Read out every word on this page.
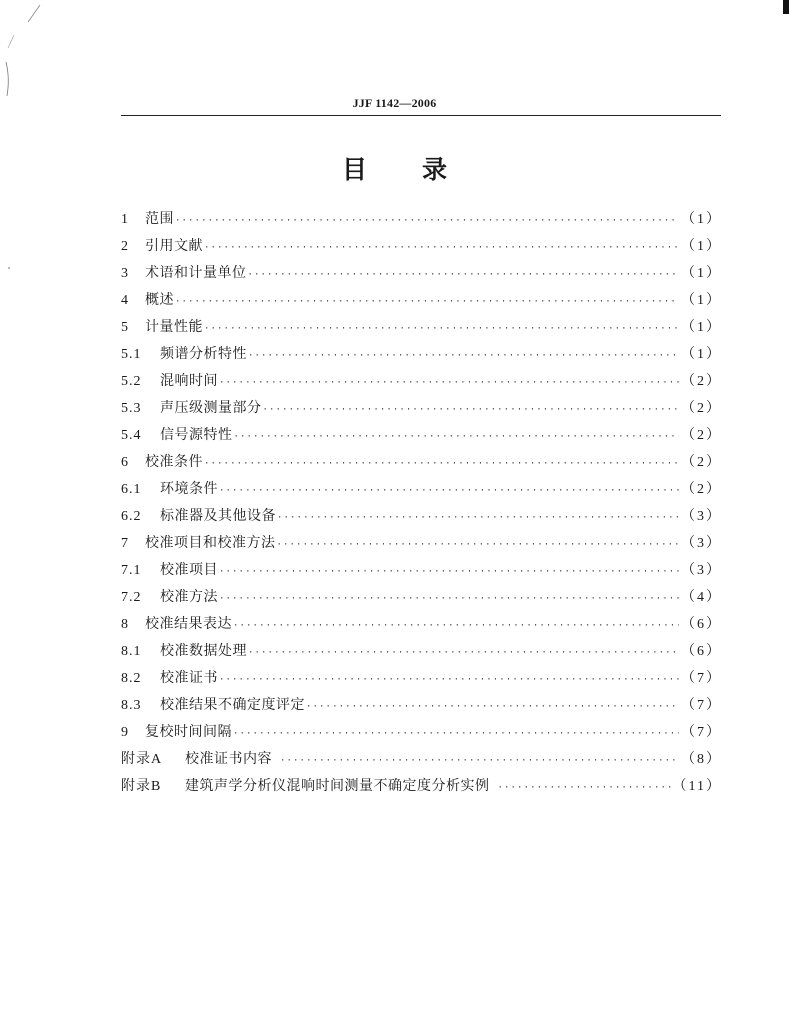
JJF 1142—2006
目 录
1	范围 ·····	（1）
2	引用文献 ·····	（1）
3	术语和计量单位 ·····	（1）
4	概述 ·····	（1）
5	计量性能 ·····	（1）
5.1	频谱分析特性 ·····	（1）
5.2	混响时间 ·····	（2）
5.3	声压级测量部分 ·····	（2）
5.4	信号源特性 ·····	（2）
6	校准条件 ·····	（2）
6.1	环境条件 ·····	（2）
6.2	标准器及其他设备 ·····	（3）
7	校准项目和校准方法 ·····	（3）
7.1	校准项目 ·····	（3）
7.2	校准方法 ·····	（4）
8	校准结果表达 ·····	（6）
8.1	校准数据处理 ·····	（6）
8.2	校准证书 ·····	（7）
8.3	校准结果不确定度评定 ·····	（7）
9	复校时间间隔 ·····	（7）
附录A	校准证书内容 ·····	（8）
附录B	建筑声学分析仪混响时间测量不确定度分析实例 ·····	（11）
